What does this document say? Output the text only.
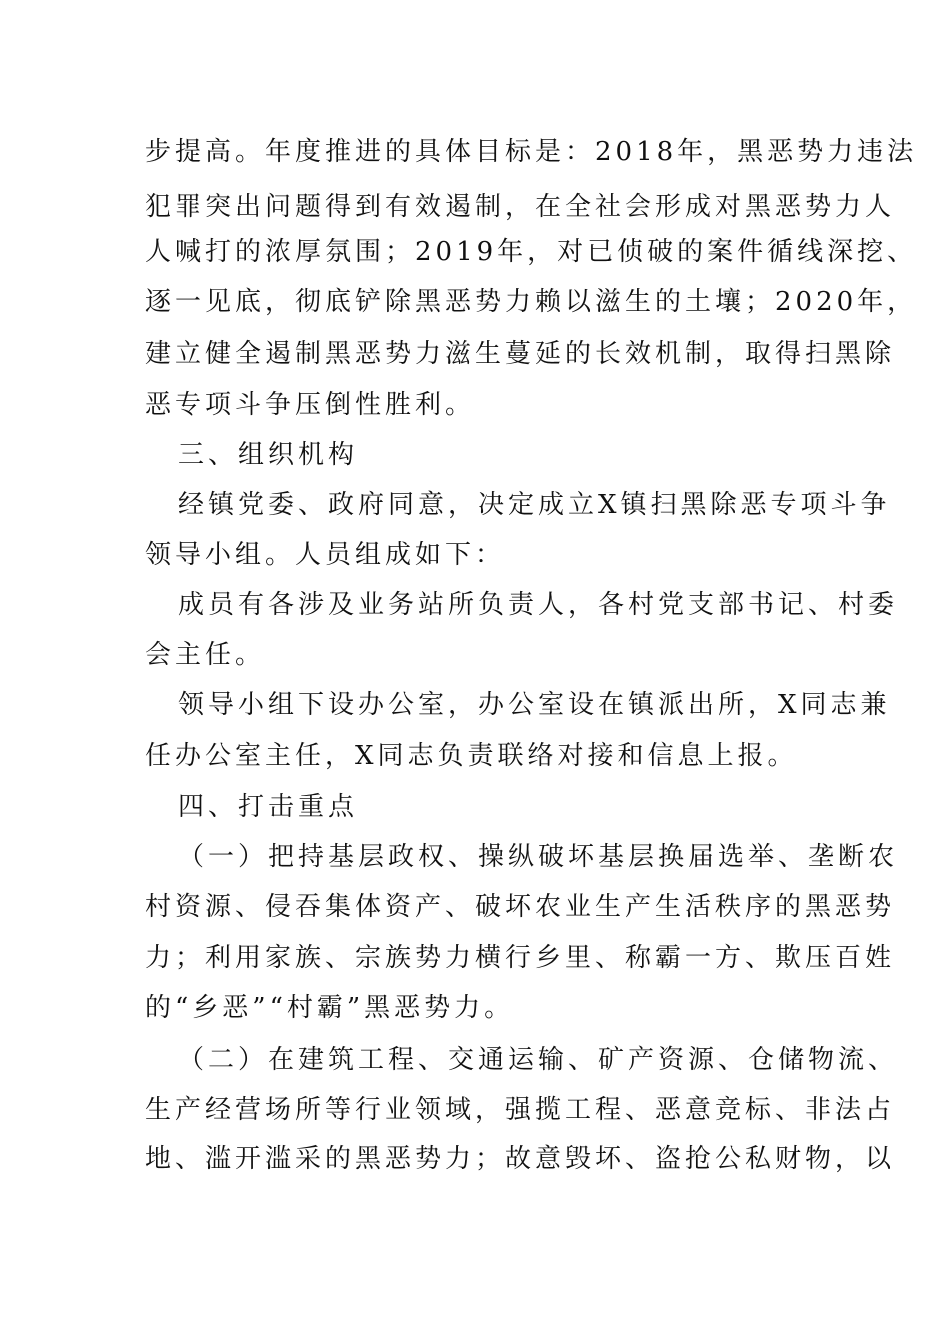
步提高。年度推进的具体目标是：2018年，黑恶势力违法
犯罪突出问题得到有效遏制，在全社会形成对黑恶势力人
人喊打的浓厚氛围；2019年，对已侦破的案件循线深挖、
逐一见底，彻底铲除黑恶势力赖以滋生的土壤；2020年，
建立健全遏制黑恶势力滋生蔓延的长效机制，取得扫黑除
恶专项斗争压倒性胜利。
三、组织机构
经镇党委、政府同意，决定成立X镇扫黑除恶专项斗争
领导小组。人员组成如下：
成员有各涉及业务站所负责人，各村党支部书记、村委
会主任。
领导小组下设办公室，办公室设在镇派出所，X同志兼
任办公室主任，X同志负责联络对接和信息上报。
四、打击重点
（一）把持基层政权、操纵破坏基层换届选举、垄断农
村资源、侵吞集体资产、破坏农业生产生活秩序的黑恶势
力；利用家族、宗族势力横行乡里、称霸一方、欺压百姓
的“乡恶”“村霸”黑恶势力。
（二）在建筑工程、交通运输、矿产资源、仓储物流、
生产经营场所等行业领域，强揽工程、恶意竞标、非法占
地、滥开滥采的黑恶势力；故意毁坏、盗抢公私财物，以
